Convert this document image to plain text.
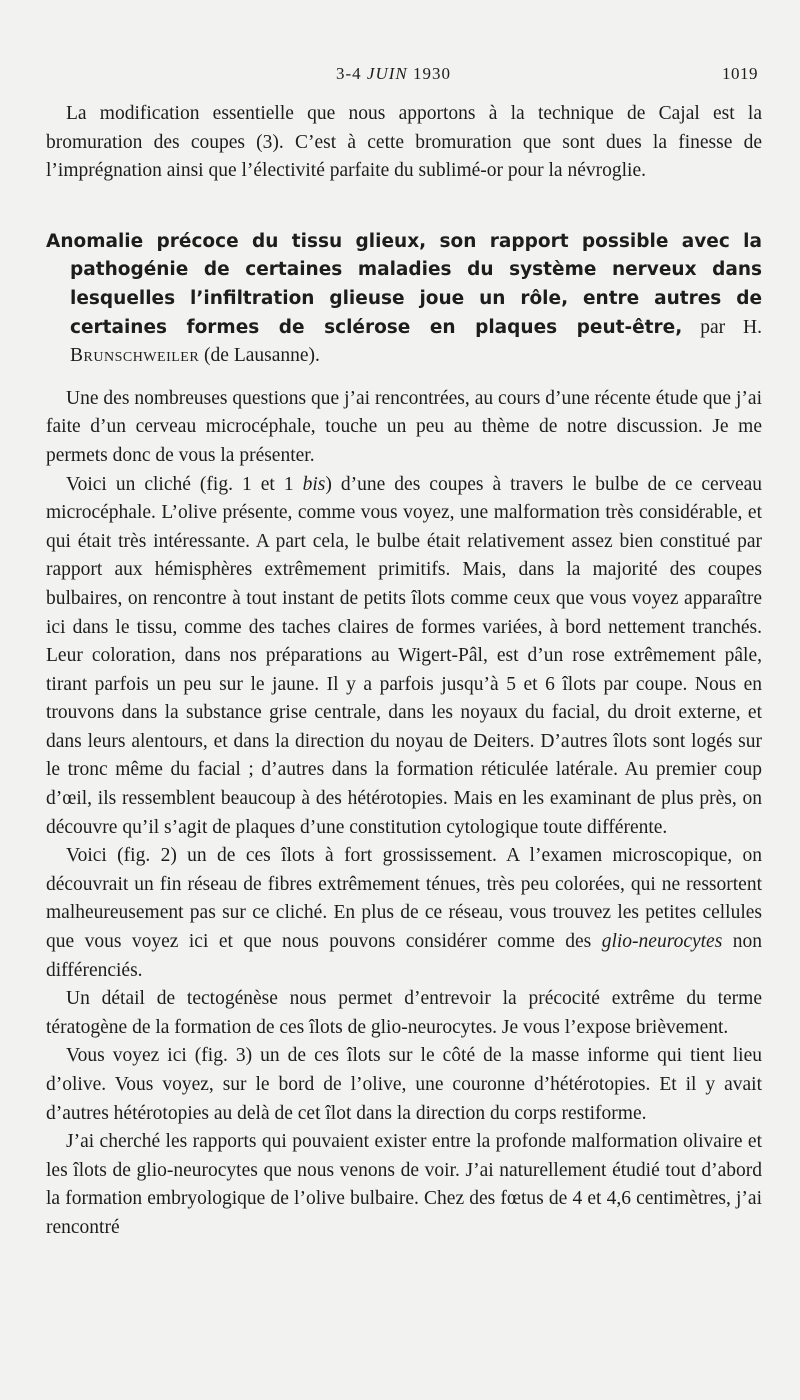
3-4 JUIN 1930	1019

La modification essentielle que nous apportons à la technique de Cajal est la bromuration des coupes (3). C’est à cette bromuration que sont dues la finesse de l’imprégnation ainsi que l’électivité parfaite du sublimé-or pour la névroglie.

Anomalie précoce du tissu glieux, son rapport possible avec la pathogénie de certaines maladies du système nerveux dans lesquelles l’infiltration glieuse joue un rôle, entre autres de certaines formes de sclérose en plaques peut-être, par H. Brunschweiler (de Lausanne).

Une des nombreuses questions que j’ai rencontrées, au cours d’une récente étude que j’ai faite d’un cerveau microcéphale, touche un peu au thème de notre discussion. Je me permets donc de vous la présenter.

Voici un cliché (fig. 1 et 1 bis) d’une des coupes à travers le bulbe de ce cerveau microcéphale. L’olive présente, comme vous voyez, une malformation très considérable, et qui était très intéressante. A part cela, le bulbe était relativement assez bien constitué par rapport aux hémisphères extrêmement primitifs. Mais, dans la majorité des coupes bulbaires, on rencontre à tout instant de petits îlots comme ceux que vous voyez apparaître ici dans le tissu, comme des taches claires de formes variées, à bord nettement tranchés. Leur coloration, dans nos préparations au Wigert-Pâl, est d’un rose extrêmement pâle, tirant parfois un peu sur le jaune. Il y a parfois jusqu’à 5 et 6 îlots par coupe. Nous en trouvons dans la substance grise centrale, dans les noyaux du facial, du droit externe, et dans leurs alentours, et dans la direction du noyau de Deiters. D’autres îlots sont logés sur le tronc même du facial ; d’autres dans la formation réticulée latérale. Au premier coup d’œil, ils ressemblent beaucoup à des hétérotopies. Mais en les examinant de plus près, on découvre qu’il s’agit de plaques d’une constitution cytologique toute différente.

Voici (fig. 2) un de ces îlots à fort grossissement. A l’examen microscopique, on découvrait un fin réseau de fibres extrêmement ténues, très peu colorées, qui ne ressortent malheureusement pas sur ce cliché. En plus de ce réseau, vous trouvez les petites cellules que vous voyez ici et que nous pouvons considérer comme des glio-neurocytes non différenciés.

Un détail de tectogénèse nous permet d’entrevoir la précocité extrême du terme tératogène de la formation de ces îlots de glio-neurocytes. Je vous l’expose brièvement.

Vous voyez ici (fig. 3) un de ces îlots sur le côté de la masse informe qui tient lieu d’olive. Vous voyez, sur le bord de l’olive, une couronne d’hétérotopies. Et il y avait d’autres hétérotopies au delà de cet îlot dans la direction du corps restiforme.

J’ai cherché les rapports qui pouvaient exister entre la profonde malformation olivaire et les îlots de glio-neurocytes que nous venons de voir. J’ai naturellement étudié tout d’abord la formation embryologique de l’olive bulbaire. Chez des fœtus de 4 et 4,6 centimètres, j’ai rencontré
